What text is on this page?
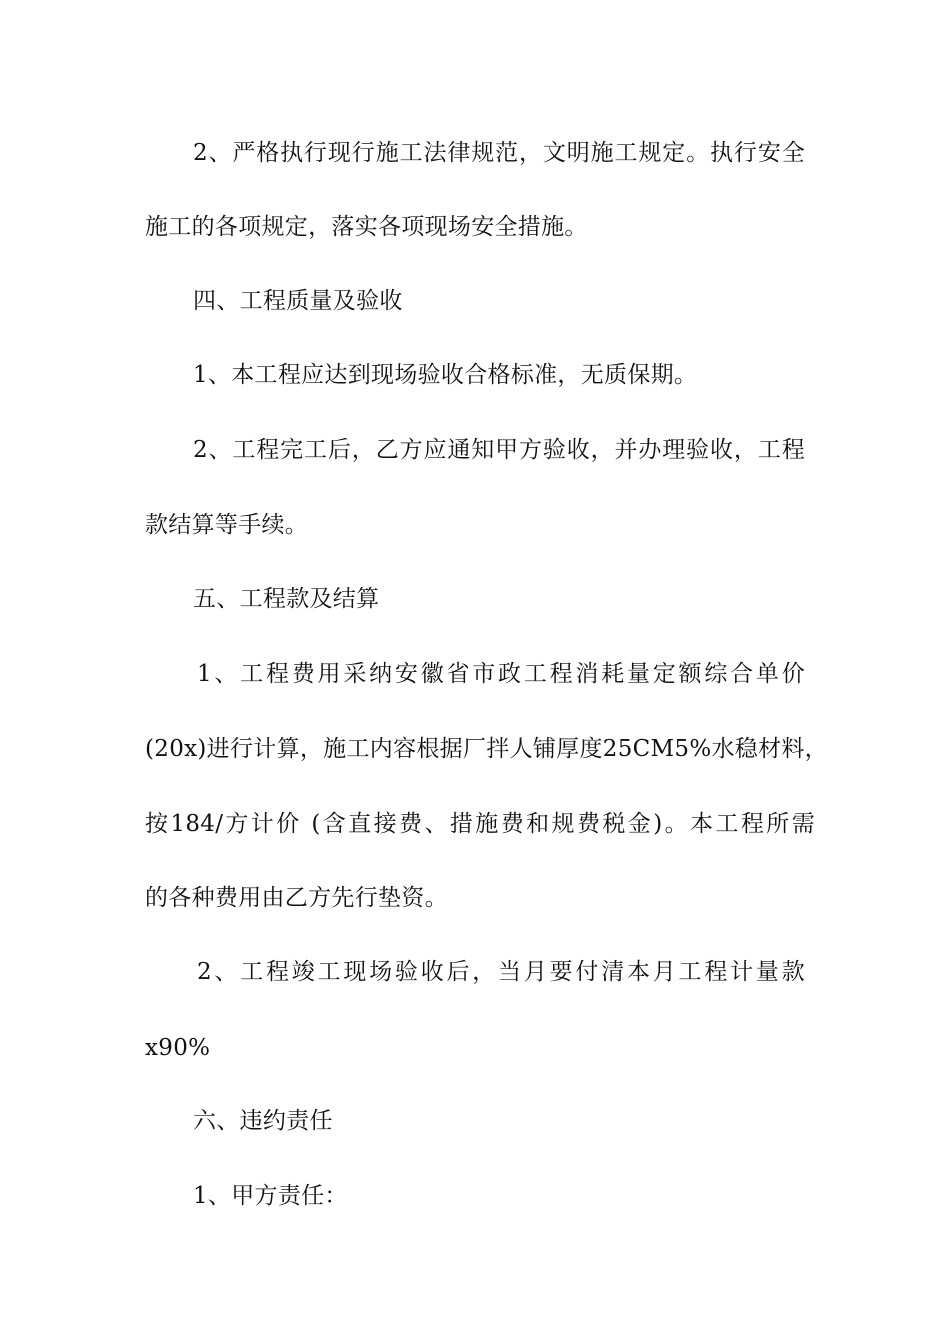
2、严格执行现行施工法律规范，文明施工规定。执行安全
施工的各项规定，落实各项现场安全措施。
四、工程质量及验收
1、本工程应达到现场验收合格标准，无质保期。
2、工程完工后，乙方应通知甲方验收，并办理验收，工程
款结算等手续。
五、工程款及结算
1、工程费用采纳安徽省市政工程消耗量定额综合单价
(20x)进行计算，施工内容根据厂拌人铺厚度25CM5%水稳材料，
按184/方计价 (含直接费、措施费和规费税金)。本工程所需
的各种费用由乙方先行垫资。
2、工程竣工现场验收后，当月要付清本月工程计量款
x90%
六、违约责任
1、甲方责任：
